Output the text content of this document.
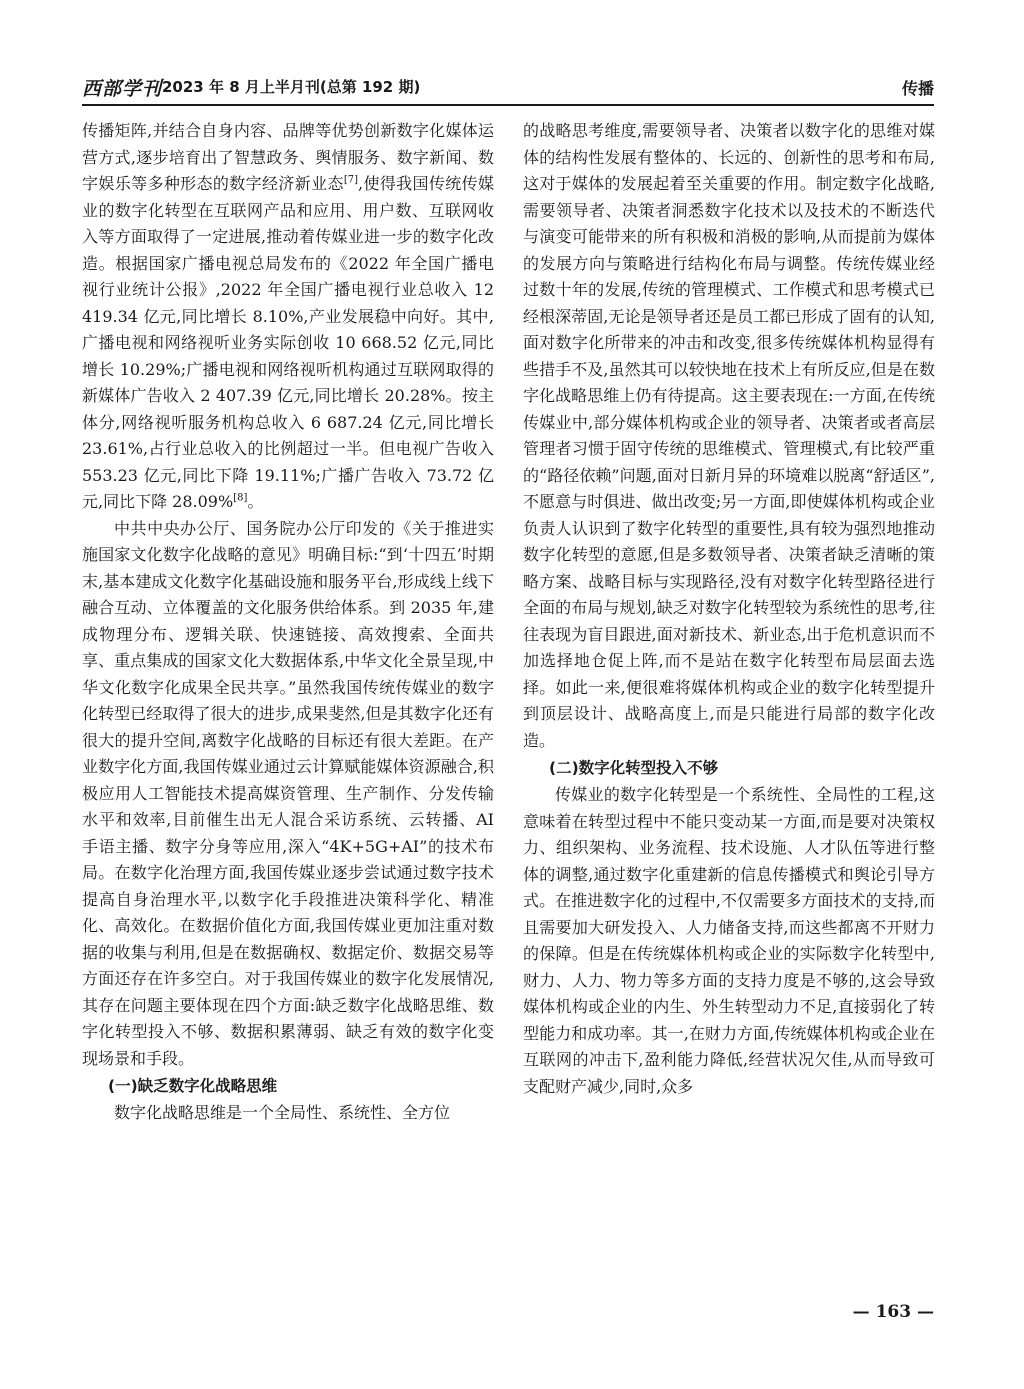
西部学刊 2023 年 8 月上半月刊(总第 192 期)	传播

传播矩阵,并结合自身内容、品牌等优势创新数字化媒体运营方式,逐步培育出了智慧政务、舆情服务、数字新闻、数字娱乐等多种形态的数字经济新业态[7],使得我国传统传媒业的数字化转型在互联网产品和应用、用户数、互联网收入等方面取得了一定进展,推动着传媒业进一步的数字化改造。根据国家广播电视总局发布的《2022 年全国广播电视行业统计公报》,2022 年全国广播电视行业总收入 12 419.34 亿元,同比增长 8.10%,产业发展稳中向好。其中,广播电视和网络视听业务实际创收 10 668.52 亿元,同比增长 10.29%;广播电视和网络视听机构通过互联网取得的新媒体广告收入 2 407.39 亿元,同比增长 20.28%。按主体分,网络视听服务机构总收入 6 687.24 亿元,同比增长 23.61%,占行业总收入的比例超过一半。但电视广告收入 553.23 亿元,同比下降 19.11%;广播广告收入 73.72 亿元,同比下降 28.09%[8]。

中共中央办公厅、国务院办公厅印发的《关于推进实施国家文化数字化战略的意见》明确目标:“到‘十四五’时期末,基本建成文化数字化基础设施和服务平台,形成线上线下融合互动、立体覆盖的文化服务供给体系。到 2035 年,建成物理分布、逻辑关联、快速链接、高效搜索、全面共享、重点集成的国家文化大数据体系,中华文化全景呈现,中华文化数字化成果全民共享。”虽然我国传统传媒业的数字化转型已经取得了很大的进步,成果斐然,但是其数字化还有很大的提升空间,离数字化战略的目标还有很大差距。在产业数字化方面,我国传媒业通过云计算赋能媒体资源融合,积极应用人工智能技术提高媒资管理、生产制作、分发传输水平和效率,目前催生出无人混合采访系统、云转播、AI 手语主播、数字分身等应用,深入“4K+5G+AI”的技术布局。在数字化治理方面,我国传媒业逐步尝试通过数字技术提高自身治理水平,以数字化手段推进决策科学化、精准化、高效化。在数据价值化方面,我国传媒业更加注重对数据的收集与利用,但是在数据确权、数据定价、数据交易等方面还存在许多空白。对于我国传媒业的数字化发展情况,其存在问题主要体现在四个方面:缺乏数字化战略思维、数字化转型投入不够、数据积累薄弱、缺乏有效的数字化变现场景和手段。

(一)缺乏数字化战略思维

数字化战略思维是一个全局性、系统性、全方位

的战略思考维度,需要领导者、决策者以数字化的思维对媒体的结构性发展有整体的、长远的、创新性的思考和布局,这对于媒体的发展起着至关重要的作用。制定数字化战略,需要领导者、决策者洞悉数字化技术以及技术的不断迭代与演变可能带来的所有积极和消极的影响,从而提前为媒体的发展方向与策略进行结构化布局与调整。传统传媒业经过数十年的发展,传统的管理模式、工作模式和思考模式已经根深蒂固,无论是领导者还是员工都已形成了固有的认知,面对数字化所带来的冲击和改变,很多传统媒体机构显得有些措手不及,虽然其可以较快地在技术上有所反应,但是在数字化战略思维上仍有待提高。这主要表现在:一方面,在传统传媒业中,部分媒体机构或企业的领导者、决策者或者高层管理者习惯于固守传统的思维模式、管理模式,有比较严重的“路径依赖”问题,面对日新月异的环境难以脱离“舒适区”,不愿意与时俱进、做出改变;另一方面,即使媒体机构或企业负责人认识到了数字化转型的重要性,具有较为强烈地推动数字化转型的意愿,但是多数领导者、决策者缺乏清晰的策略方案、战略目标与实现路径,没有对数字化转型路径进行全面的布局与规划,缺乏对数字化转型较为系统性的思考,往往表现为盲目跟进,面对新技术、新业态,出于危机意识而不加选择地仓促上阵,而不是站在数字化转型布局层面去选择。如此一来,便很难将媒体机构或企业的数字化转型提升到顶层设计、战略高度上,而是只能进行局部的数字化改造。

(二)数字化转型投入不够

传媒业的数字化转型是一个系统性、全局性的工程,这意味着在转型过程中不能只变动某一方面,而是要对决策权力、组织架构、业务流程、技术设施、人才队伍等进行整体的调整,通过数字化重建新的信息传播模式和舆论引导方式。在推进数字化的过程中,不仅需要多方面技术的支持,而且需要加大研发投入、人力储备支持,而这些都离不开财力的保障。但是在传统媒体机构或企业的实际数字化转型中,财力、人力、物力等多方面的支持力度是不够的,这会导致媒体机构或企业的内生、外生转型动力不足,直接弱化了转型能力和成功率。其一,在财力方面,传统媒体机构或企业在互联网的冲击下,盈利能力降低,经营状况欠佳,从而导致可支配财产减少,同时,众多

— 163 —
